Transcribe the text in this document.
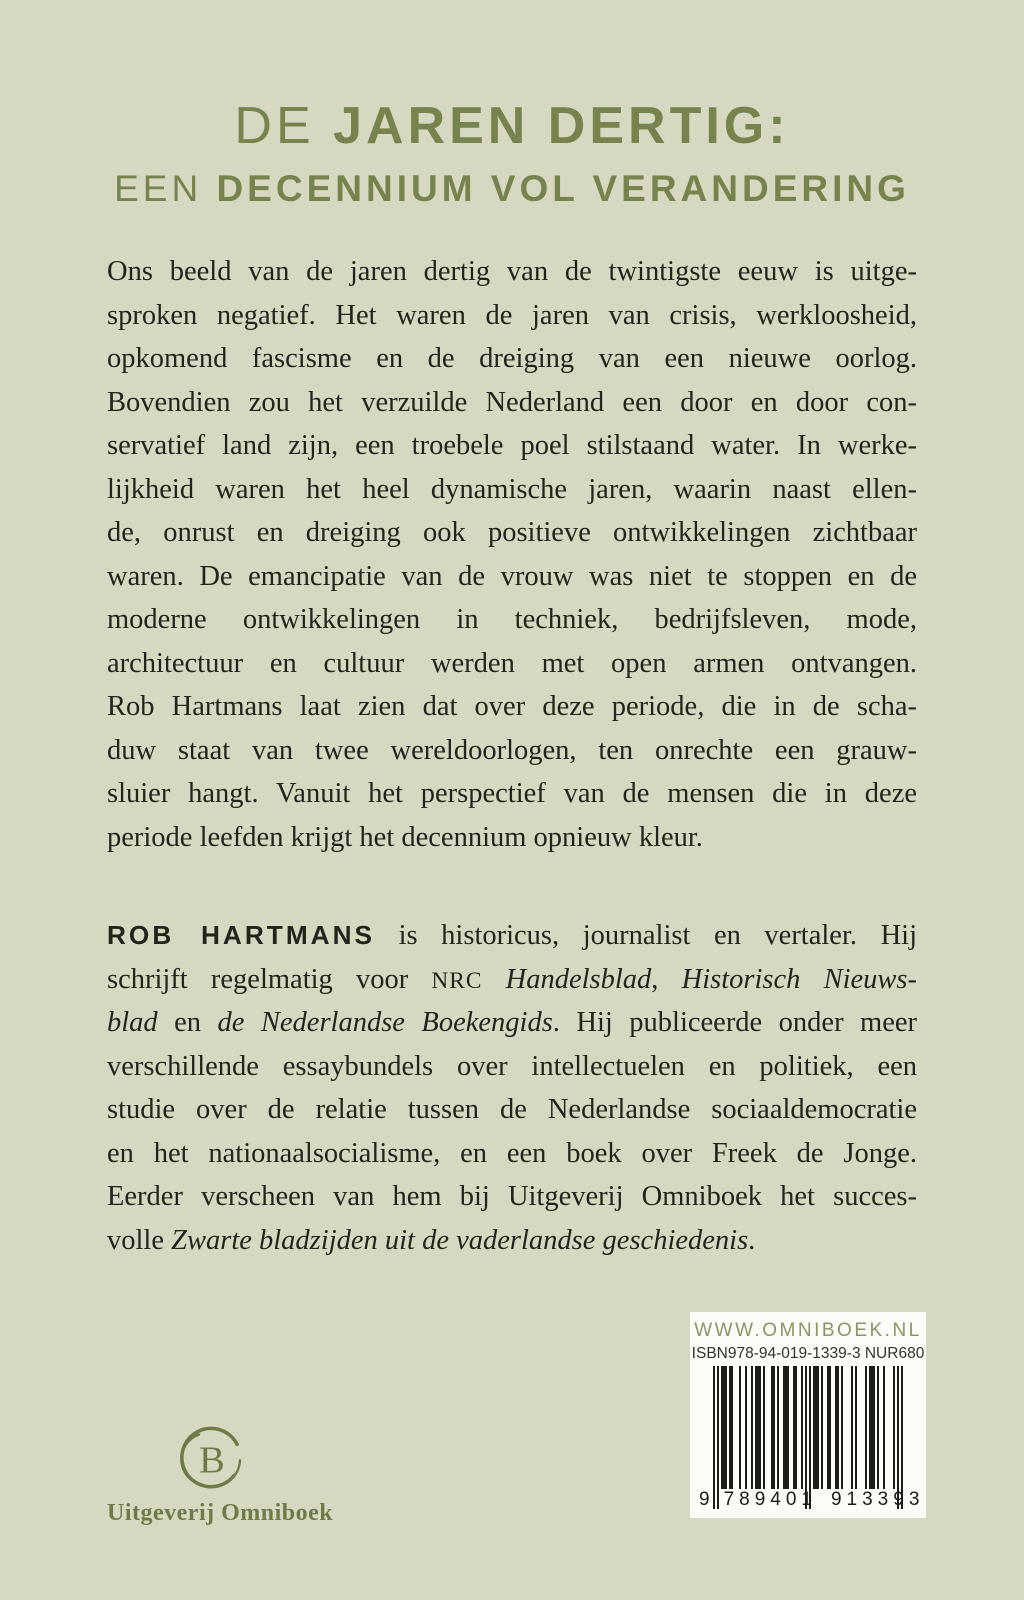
DE JAREN DERTIG:
EEN DECENNIUM VOL VERANDERING
Ons beeld van de jaren dertig van de twintigste eeuw is uitge-
sproken negatief. Het waren de jaren van crisis, werkloosheid,
opkomend fascisme en de dreiging van een nieuwe oorlog.
Bovendien zou het verzuilde Nederland een door en door con-
servatief land zijn, een troebele poel stilstaand water. In werke-
lijkheid waren het heel dynamische jaren, waarin naast ellen-
de, onrust en dreiging ook positieve ontwikkelingen zichtbaar
waren. De emancipatie van de vrouw was niet te stoppen en de
moderne ontwikkelingen in techniek, bedrijfsleven, mode,
architectuur en cultuur werden met open armen ontvangen.
Rob Hartmans laat zien dat over deze periode, die in de scha-
duw staat van twee wereldoorlogen, ten onrechte een grauw-
sluier hangt. Vanuit het perspectief van de mensen die in deze
periode leefden krijgt het decennium opnieuw kleur.
ROB HARTMANS is historicus, journalist en vertaler. Hij
schrijft regelmatig voor NRC Handelsblad, Historisch Nieuws-
blad en de Nederlandse Boekengids. Hij publiceerde onder meer
verschillende essaybundels over intellectuelen en politiek, een
studie over de relatie tussen de Nederlandse sociaaldemocratie
en het nationaalsocialisme, en een boek over Freek de Jonge.
Eerder verscheen van hem bij Uitgeverij Omniboek het succes-
volle Zwarte bladzijden uit de vaderlandse geschiedenis.
B
Uitgeverij Omniboek
WWW.OMNIBOEK.NL
ISBN978-94-019-1339-3 NUR680
9 789401 913393
